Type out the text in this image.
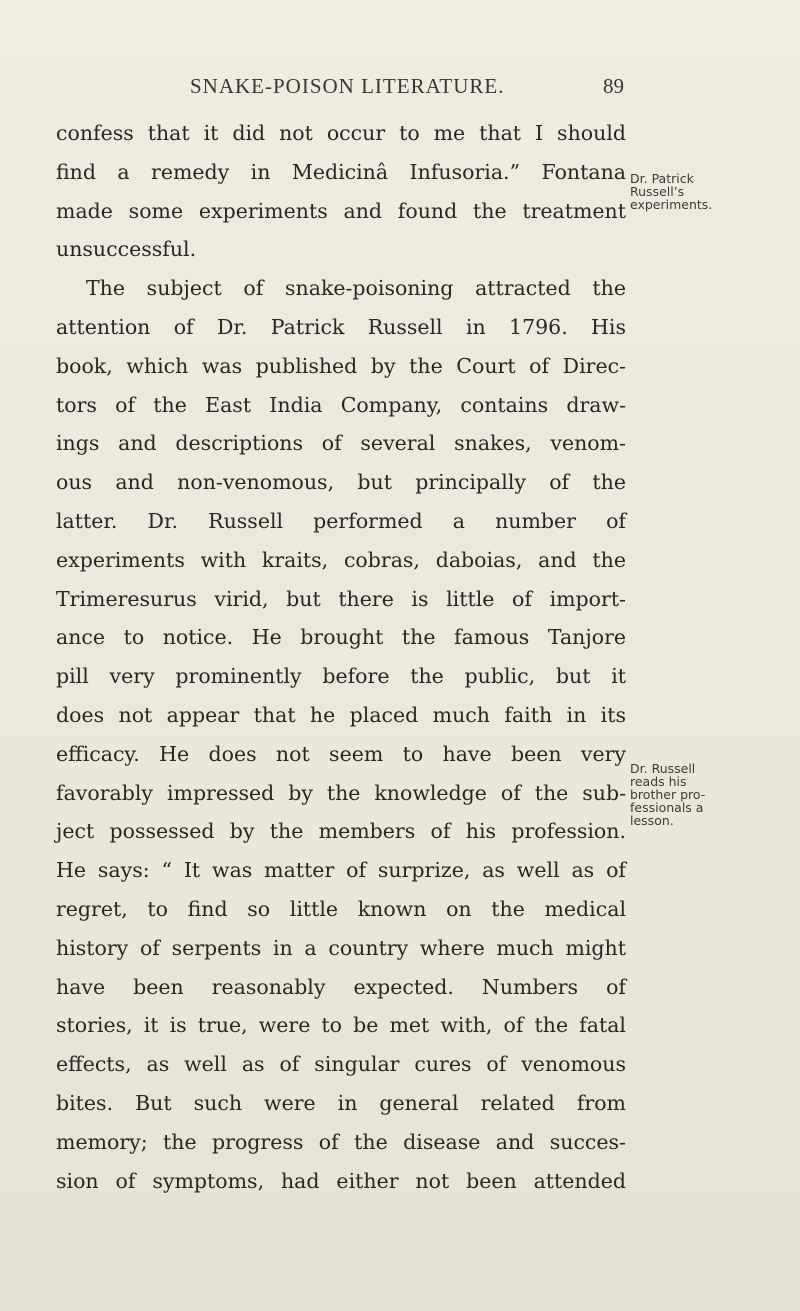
SNAKE-POISON LITERATURE.	89
confess that it did not occur to me that I should
find a remedy in Medicinâ Infusoria.” Fontana
made some experiments and found the treatment
unsuccessful.
The subject of snake-poisoning attracted the
attention of Dr. Patrick Russell in 1796. His
book, which was published by the Court of Direc-
tors of the East India Company, contains draw-
ings and descriptions of several snakes, venom-
ous and non-venomous, but principally of the
latter. Dr. Russell performed a number of
experiments with kraits, cobras, daboias, and the
Trimeresurus virid, but there is little of import-
ance to notice. He brought the famous Tanjore
pill very prominently before the public, but it
does not appear that he placed much faith in its
efficacy. He does not seem to have been very
favorably impressed by the knowledge of the sub-
ject possessed by the members of his profession.
He says: “ It was matter of surprize, as well as of
regret, to find so little known on the medical
history of serpents in a country where much might
have been reasonably expected. Numbers of
stories, it is true, were to be met with, of the fatal
effects, as well as of singular cures of venomous
bites. But such were in general related from
memory; the progress of the disease and succes-
sion of symptoms, had either not been attended
Dr. Patrick
Russell’s
experiments.
Dr. Russell
reads his
brother pro-
fessionals a
lesson.
